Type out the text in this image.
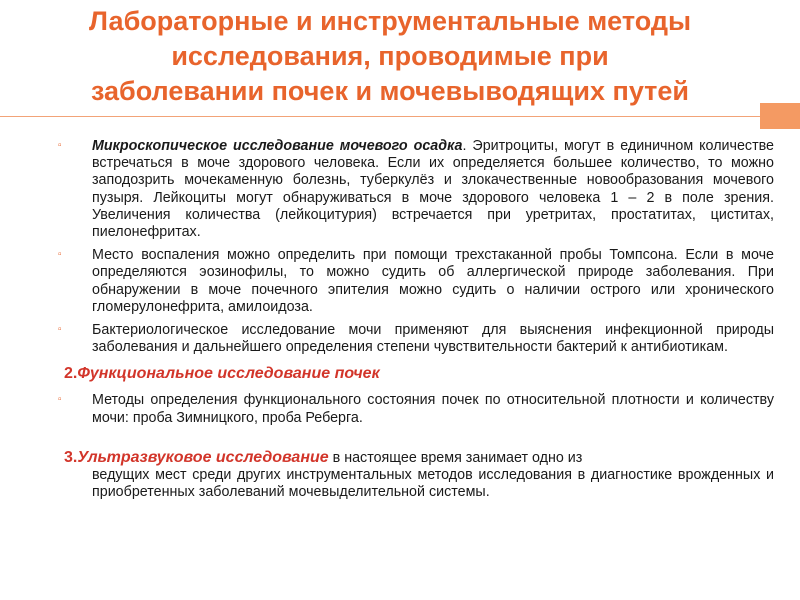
Лабораторные и инструментальные методы
исследования, проводимые при
заболевании почек и мочевыводящих путей
▫ Микроскопическое исследование мочевого осадка. Эритроциты, могут в единичном количестве встречаться в моче здорового человека. Если их определяется большее количество, то можно заподозрить мочекаменную болезнь, туберкулёз и злокачественные новообразования мочевого пузыря. Лейкоциты могут обнаруживаться в моче здорового человека 1 – 2 в поле зрения. Увеличения количества (лейкоцитурия) встречается при уретритах, простатитах, циститах, пиелонефритах.
▫ Место воспаления можно определить при помощи трехстаканной пробы Томпсона. Если в моче определяются эозинофилы, то можно судить об аллергической природе заболевания. При обнаружении в моче почечного эпителия можно судить о наличии острого или хронического гломерулонефрита, амилоидоза.
▫ Бактериологическое исследование мочи применяют для выяснения инфекционной природы заболевания и дальнейшего определения степени чувствительности бактерий к антибиотикам.
2.Функциональное исследование почек
▫ Методы определения функционального состояния почек по относительной плотности и количеству мочи: проба Зимницкого, проба Реберга.
3.Ультразвуковое исследование в настоящее время занимает одно из
ведущих мест среди других инструментальных методов исследования в диагностике врожденных и приобретенных заболеваний мочевыделительной системы.
